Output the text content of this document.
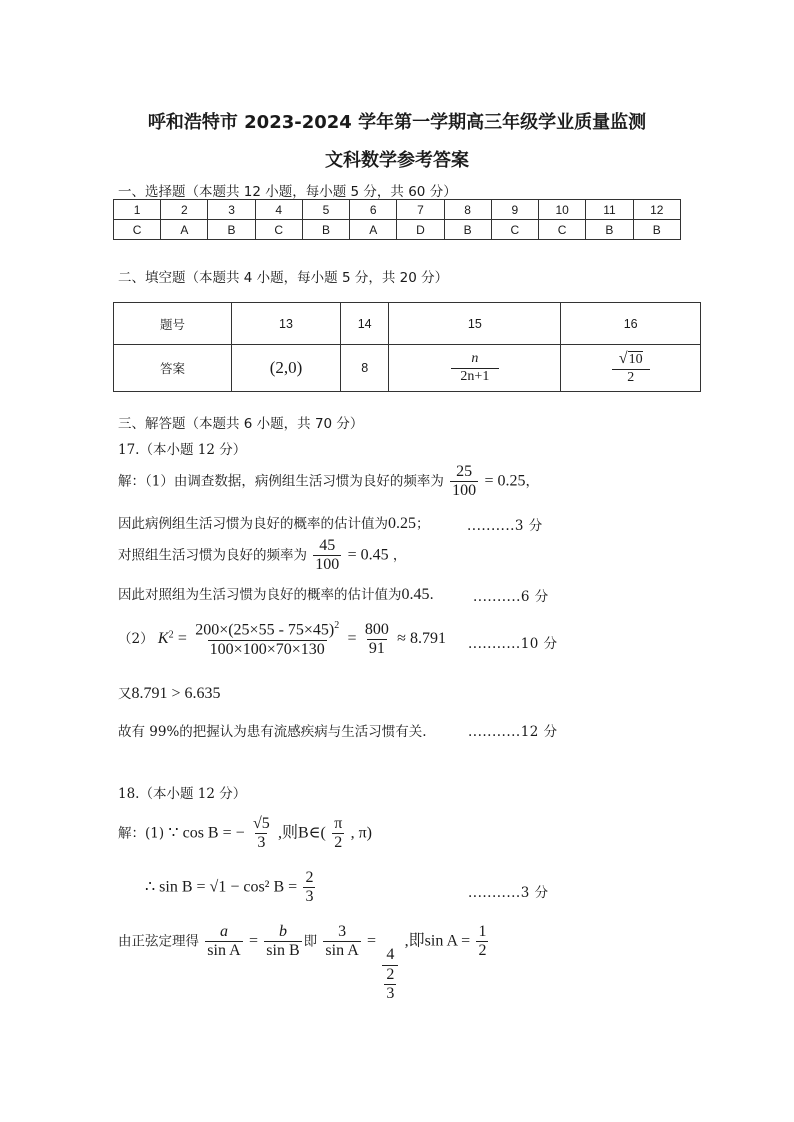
呼和浩特市 2023-2024 学年第一学期高三年级学业质量监测
文科数学参考答案
一、选择题（本题共 12 小题，每小题 5 分，共 60 分）
1	2	3	4	5	6	7	8	9	10	11	12
C	A	B	C	B	A	D	B	C	C	B	B
二、填空题（本题共 4 小题，每小题 5 分，共 20 分）
题号	13	14	15	16
答案	(2,0)	8	$\frac{n}{2n+1}$	$\frac{√10}{2}$
三、解答题（本题共 6 小题，共 70 分）
17.（本小题 12 分）
解：（1）由调查数据，病例组生活习惯为良好的频率为 $\frac{25}{100} = 0.25$，
因此病例组生活习惯为良好的概率的估计值为0.25；	..........3 分
对照组生活习惯为良好的频率为 $\frac{45}{100} = 0.45$ ，
因此对照组为生活习惯为良好的概率的估计值为0.45.	..........6 分
（2） $K^2 = \frac{200\times(25\times 55 - 75\times 45)^2}{100\times 100\times 70\times 130} = \frac{800}{91} \approx 8.791$ ...........10 分
又8.791 > 6.635
故有 99%的把握认为患有流感疾病与生活习惯有关.	...........12 分
18.（本小题 12 分）
解：(1) ∵ cos B = − $\frac{√5}{3}$ ,则B∈( $\frac{\pi}{2}$ , π)
∴ sin B = √1 − cos² $B = \frac{2}{3}$	...........3 分
由正弦定理得 $\frac{a}{\text{sin A}} = \frac{b}{\text{sin B}}$ 即 $\frac{3}{\text{sin A}}$ =
$\frac{4}{\frac{2}{3}}$
,即$\sin A = \frac{1}{2}$
